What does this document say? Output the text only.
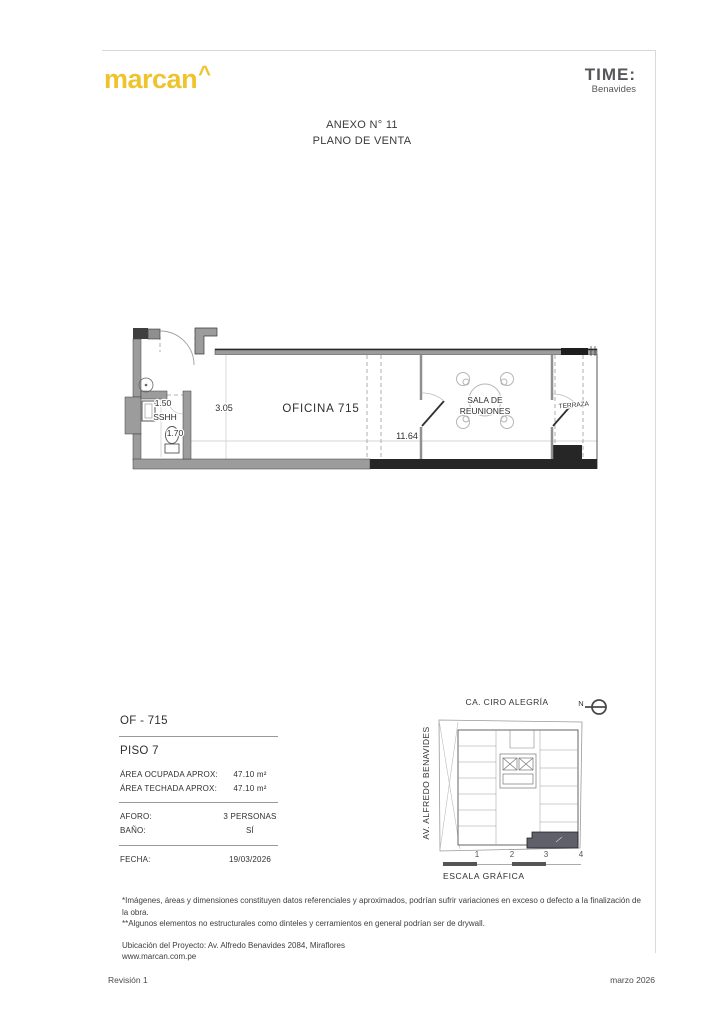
marcan^	TIME:
Benavides
ANEXO N° 11
PLANO DE VENTA
1.50
SSHH
1.70
3.05	OFICINA 715
11.64
SALA DE
REUNIONES
TERRAZA
CA. CIRO ALEGRÍA
AV. ALFREDO BENAVIDES
N
1	2	3	4
ESCALA GRÁFICA
OF - 715
PISO 7
ÁREA OCUPADA APROX:	47.10 m²
ÁREA TECHADA APROX:	47.10 m²
AFORO:	3 PERSONAS
BAÑO:	SÍ
FECHA:	19/03/2026
*Imágenes, áreas y dimensiones constituyen datos referenciales y aproximados, podrían sufrir variaciones en exceso o defecto a la finalización de la obra.
**Algunos elementos no estructurales como dinteles y cerramientos en general podrían ser de drywall.
Ubicación del Proyecto: Av. Alfredo Benavides 2084, Miraflores
www.marcan.com.pe
Revisión 1	marzo 2026
